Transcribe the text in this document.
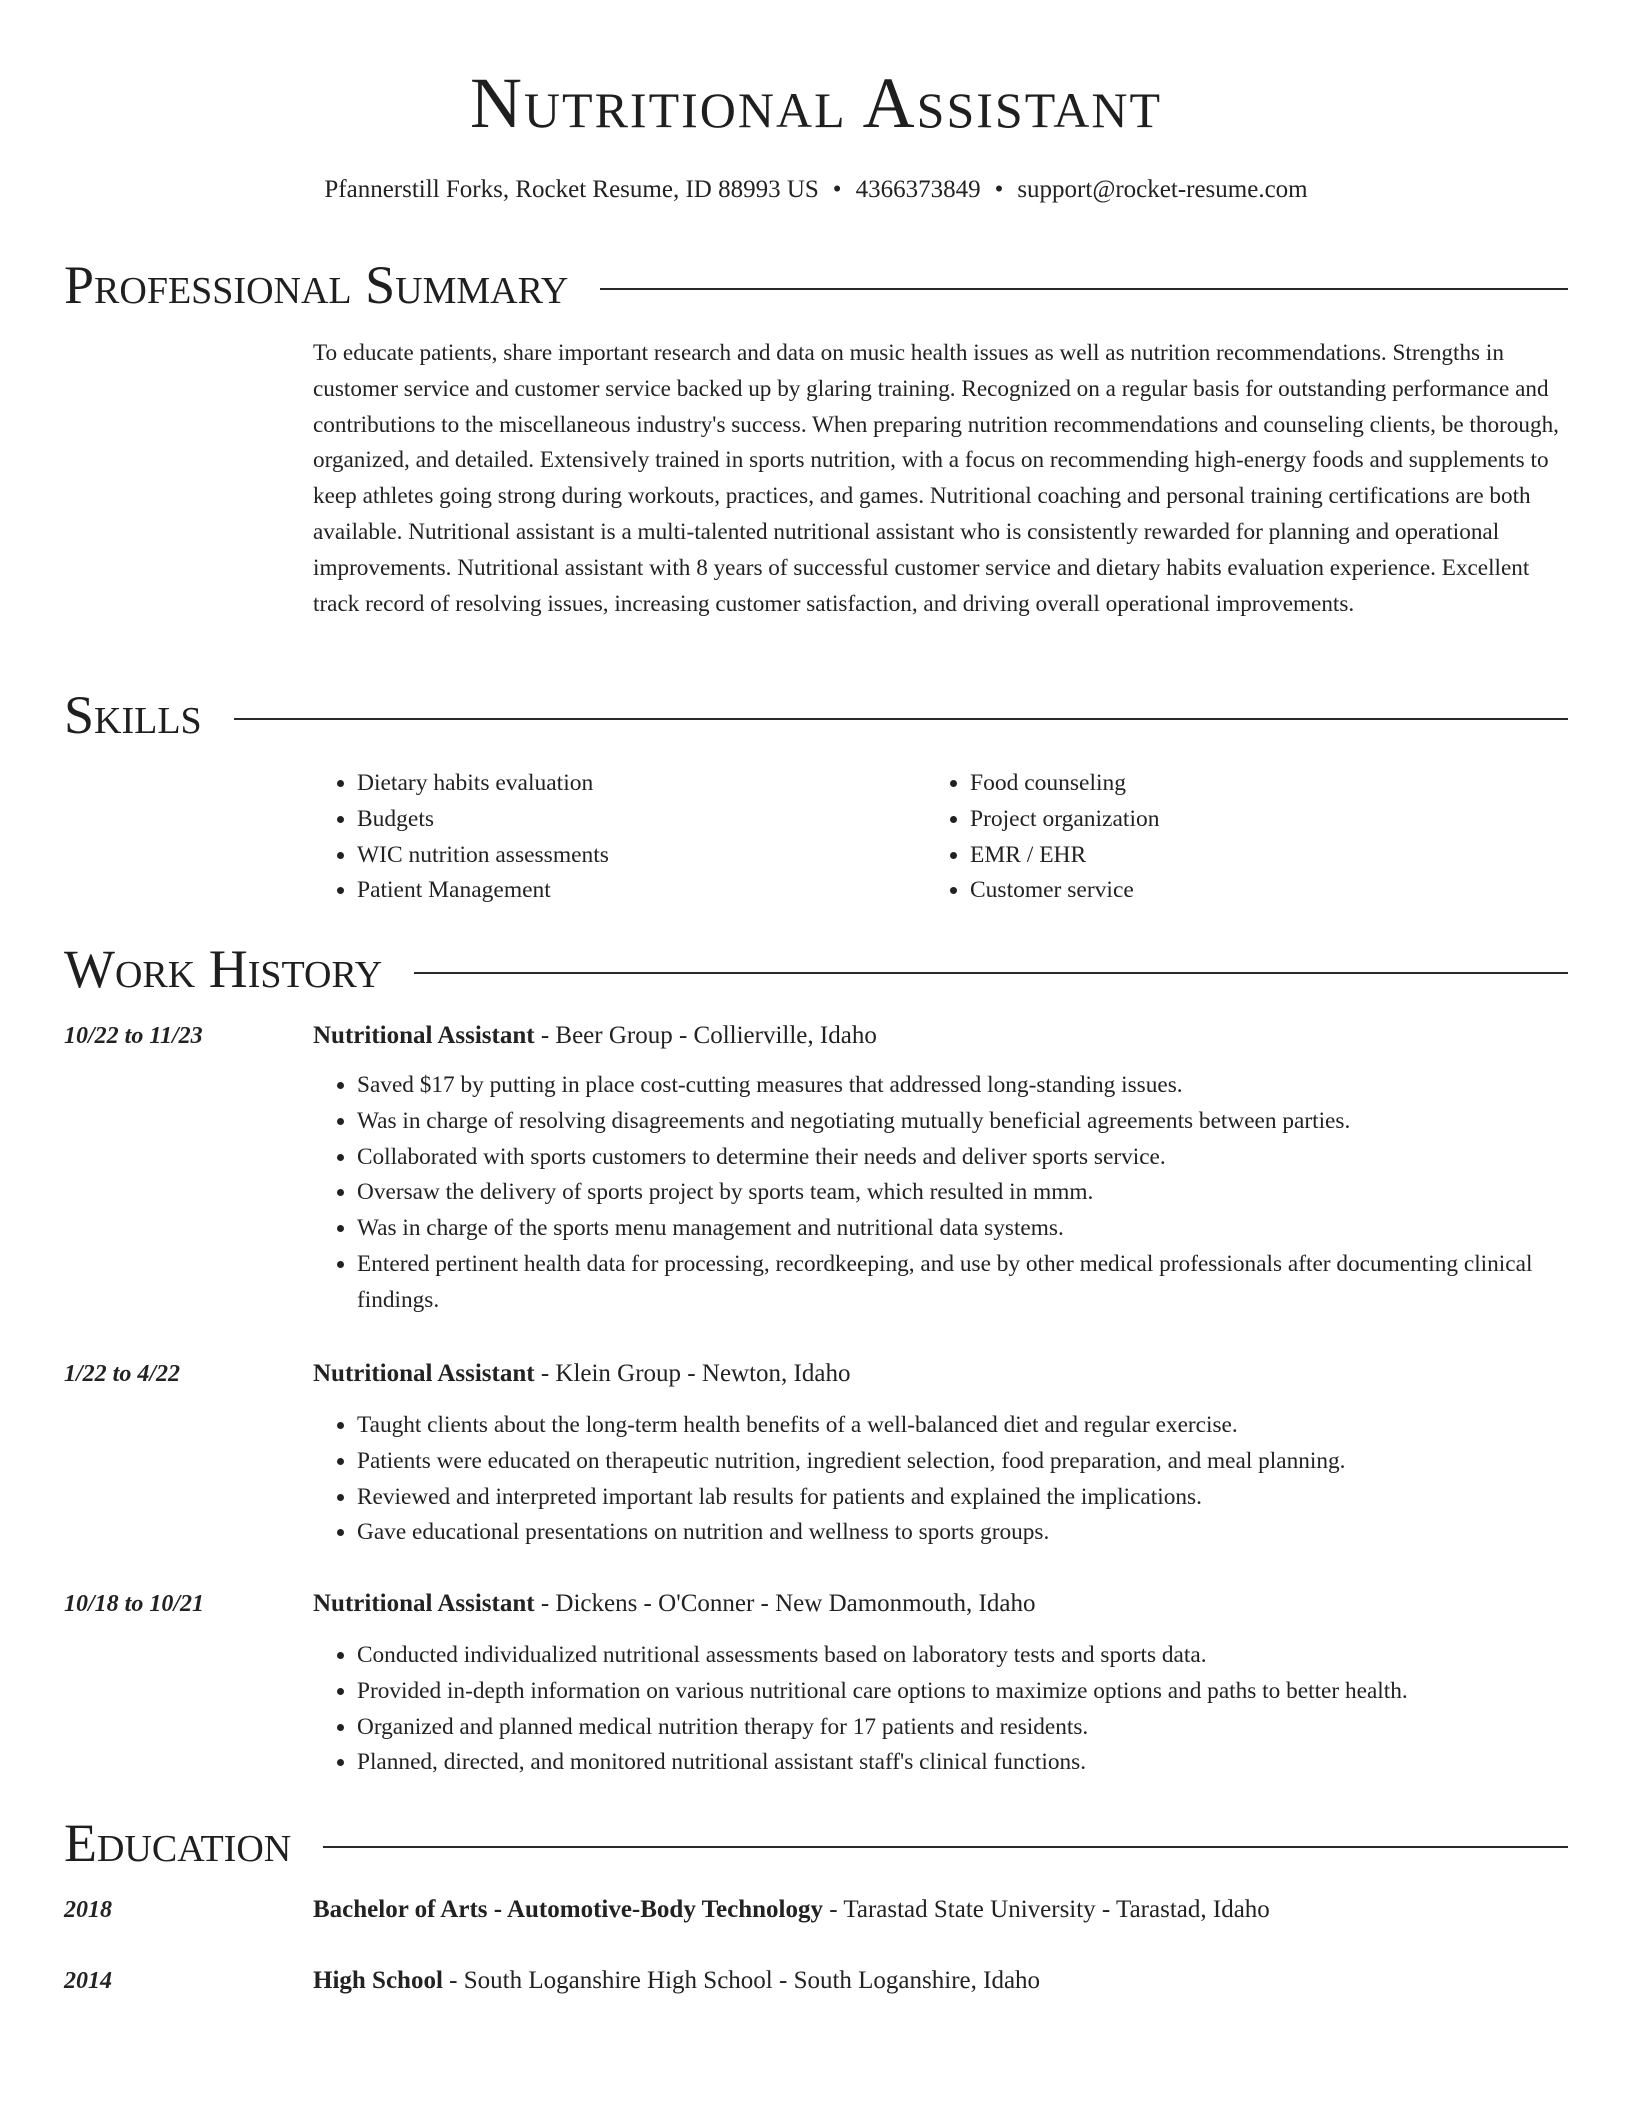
Nutritional Assistant
Pfannerstill Forks, Rocket Resume, ID 88993 US • 4366373849 • support@rocket-resume.com
Professional Summary
To educate patients, share important research and data on music health issues as well as nutrition recommendations. Strengths in customer service and customer service backed up by glaring training. Recognized on a regular basis for outstanding performance and contributions to the miscellaneous industry's success. When preparing nutrition recommendations and counseling clients, be thorough, organized, and detailed. Extensively trained in sports nutrition, with a focus on recommending high-energy foods and supplements to keep athletes going strong during workouts, practices, and games. Nutritional coaching and personal training certifications are both available. Nutritional assistant is a multi-talented nutritional assistant who is consistently rewarded for planning and operational improvements. Nutritional assistant with 8 years of successful customer service and dietary habits evaluation experience. Excellent track record of resolving issues, increasing customer satisfaction, and driving overall operational improvements.
Skills
• Dietary habits evaluation
• Budgets
• WIC nutrition assessments
• Patient Management
• Food counseling
• Project organization
• EMR / EHR
• Customer service
Work History
10/22 to 11/23	Nutritional Assistant - Beer Group - Collierville, Idaho
• Saved $17 by putting in place cost-cutting measures that addressed long-standing issues.
• Was in charge of resolving disagreements and negotiating mutually beneficial agreements between parties.
• Collaborated with sports customers to determine their needs and deliver sports service.
• Oversaw the delivery of sports project by sports team, which resulted in mmm.
• Was in charge of the sports menu management and nutritional data systems.
• Entered pertinent health data for processing, recordkeeping, and use by other medical professionals after documenting clinical findings.
1/22 to 4/22	Nutritional Assistant - Klein Group - Newton, Idaho
• Taught clients about the long-term health benefits of a well-balanced diet and regular exercise.
• Patients were educated on therapeutic nutrition, ingredient selection, food preparation, and meal planning.
• Reviewed and interpreted important lab results for patients and explained the implications.
• Gave educational presentations on nutrition and wellness to sports groups.
10/18 to 10/21	Nutritional Assistant - Dickens - O'Conner - New Damonmouth, Idaho
• Conducted individualized nutritional assessments based on laboratory tests and sports data.
• Provided in-depth information on various nutritional care options to maximize options and paths to better health.
• Organized and planned medical nutrition therapy for 17 patients and residents.
• Planned, directed, and monitored nutritional assistant staff's clinical functions.
Education
2018	Bachelor of Arts - Automotive-Body Technology - Tarastad State University - Tarastad, Idaho
2014	High School - South Loganshire High School - South Loganshire, Idaho
